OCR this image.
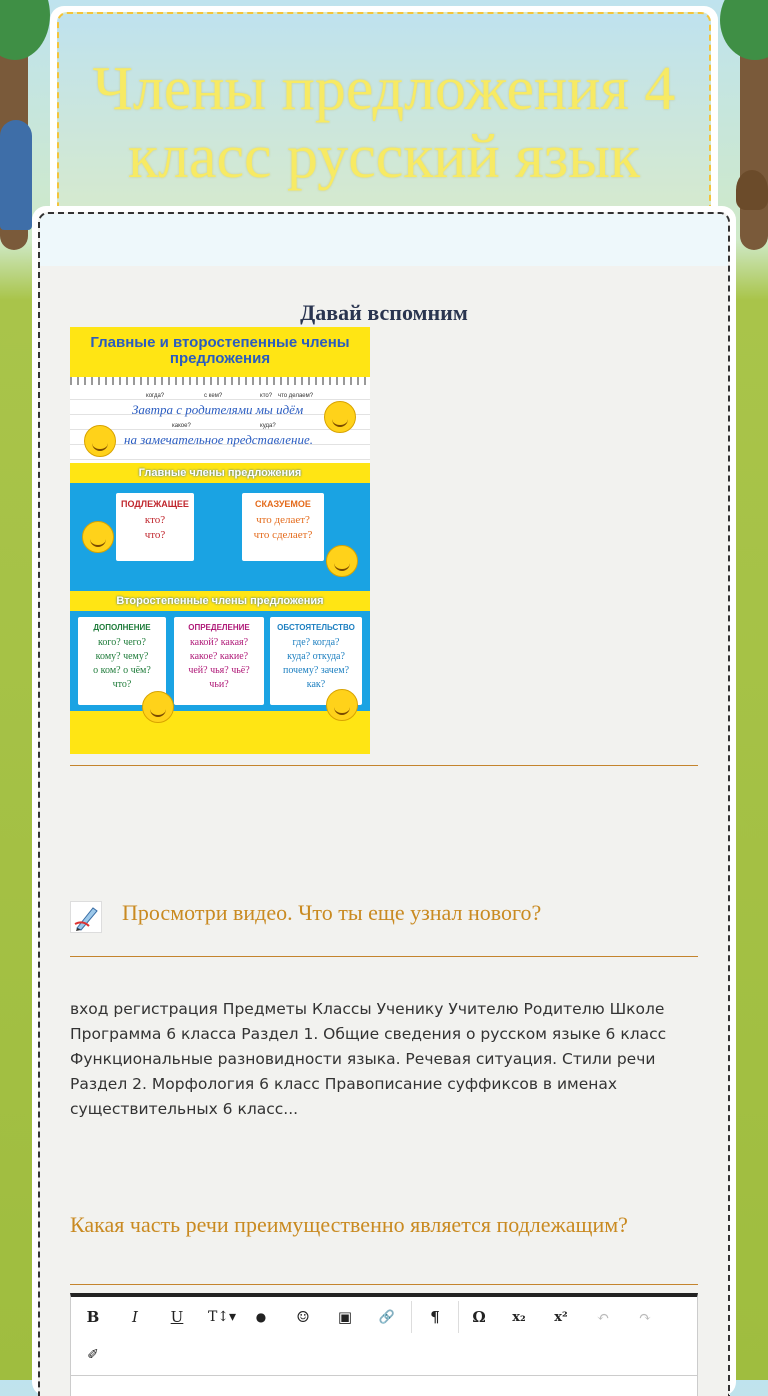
Члены предложения 4 класс русский язык
Давай вспомним
Главные и второстепенные члены предложения
когда?	с кем?	кто? что делаем?
Завтра с родителями мы идём
какое?	куда?
на замечательное представление.
Главные члены предложения
ПОДЛЕЖАЩЕЕ
кто?
что?
СКАЗУЕМОЕ
что делает?
что сделает?
Второстепенные члены предложения
ДОПОЛНЕНИЕ
кого? чего?
кому? чему?
о ком? о чём?
что?
ОПРЕДЕЛЕНИЕ
какой? какая?
какое? какие?
чей? чья? чьё?
чьи?
ОБСТОЯТЕЛЬСТВО
где? когда?
куда? откуда?
почему? зачем?
как?
Просмотри видео. Что ты еще узнал нового?
вход регистрация Предметы Классы Ученику Учителю Родителю Школе Программа 6 класса Раздел 1. Общие сведения о русском языке 6 класс Функциональные разновидности языка. Речевая ситуация. Стили речи Раздел 2. Морфология 6 класс Правописание суффиксов в именах существительных 6 класс...
Какая часть речи преимущественно является подлежащим?
B	I	U	T↕▾	●	☺	▣	🔗	¶	Ω	x₂	x²	↶	↷
✐
